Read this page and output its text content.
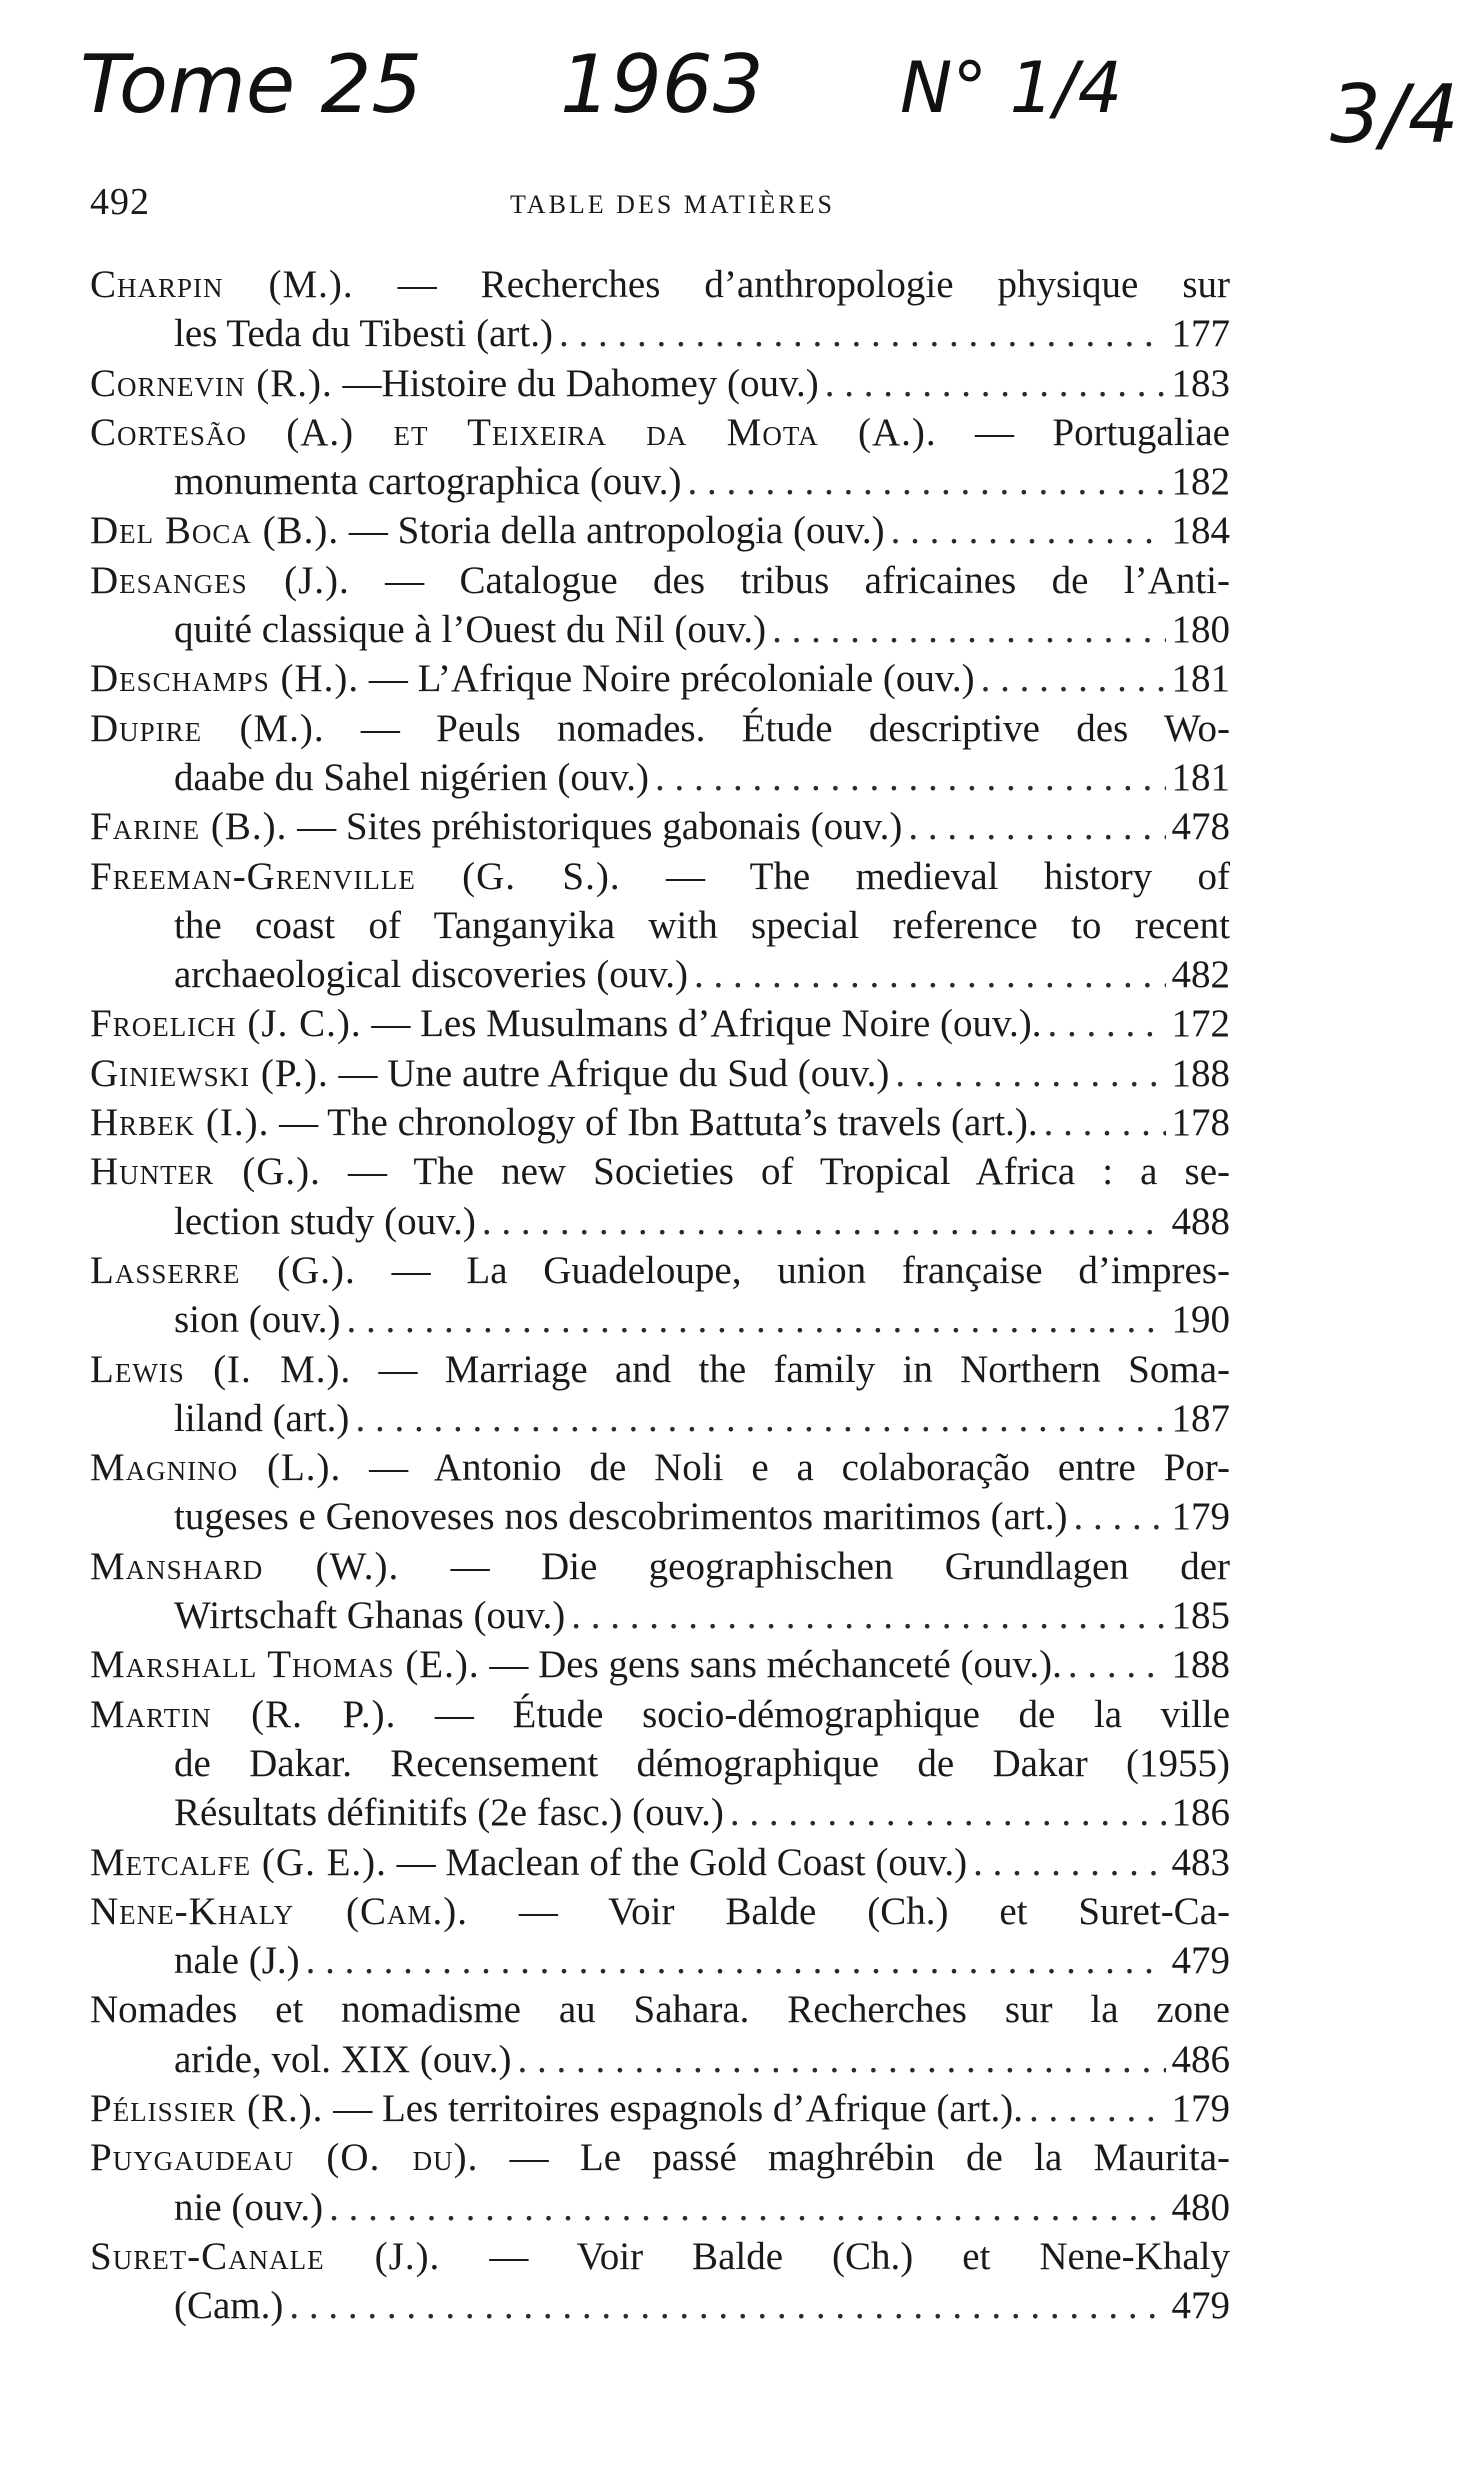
Tome 25 1963 N° 1/4	3/4
492	TABLE DES MATIÈRES
Charpin (M.). — Recherches d’anthropologie physique sur
les Teda du Tibesti (art.) . . .	177
Cornevin (R.). —Histoire du Dahomey (ouv.) . . .	183
Cortesão (A.) et Teixeira da Mota (A.). — Portugaliae
monumenta cartographica (ouv.) . . .	182
Del Boca (B.). — Storia della antropologia (ouv.) . . .	184
Desanges (J.). — Catalogue des tribus africaines de l’Anti-
quité classique à l’Ouest du Nil (ouv.) . . .	180
Deschamps (H.). — L’Afrique Noire précoloniale (ouv.) . . .	181
Dupire (M.). — Peuls nomades. Étude descriptive des Wo-
daabe du Sahel nigérien (ouv.) . . .	181
Farine (B.). — Sites préhistoriques gabonais (ouv.) . . .	478
Freeman-Grenville (G. S.). — The medieval history of
the coast of Tanganyika with special reference to recent
archaeological discoveries (ouv.) . . .	482
Froelich (J. C.). — Les Musulmans d’Afrique Noire (ouv.). . . .	172
Giniewski (P.). — Une autre Afrique du Sud (ouv.) . . .	188
Hrbek (I.). — The chronology of Ibn Battuta’s travels (art.). . . .	178
Hunter (G.). — The new Societies of Tropical Africa : a se-
lection study (ouv.) . . .	488
Lasserre (G.). — La Guadeloupe, union française d’impres-
sion (ouv.) . . .	190
Lewis (I. M.). — Marriage and the family in Northern Soma-
liland (art.) . . .	187
Magnino (L.). — Antonio de Noli e a colaboração entre Por-
tugeses e Genoveses nos descobrimentos maritimos (art.) . . .	179
Manshard (W.). — Die geographischen Grundlagen der
Wirtschaft Ghanas (ouv.) . . .	185
Marshall Thomas (E.). — Des gens sans méchanceté (ouv.). . . .	188
Martin (R. P.). — Étude socio-démographique de la ville
de Dakar. Recensement démographique de Dakar (1955)
Résultats définitifs (2e fasc.) (ouv.) . . .	186
Metcalfe (G. E.). — Maclean of the Gold Coast (ouv.) . . .	483
Nene-Khaly (Cam.). — Voir Balde (Ch.) et Suret-Ca-
nale (J.) . . .	479
Nomades et nomadisme au Sahara. Recherches sur la zone
aride, vol. XIX (ouv.) . . .	486
Pélissier (R.). — Les territoires espagnols d’Afrique (art.). . . .	179
Puygaudeau (O. du). — Le passé maghrébin de la Maurita-
nie (ouv.) . . .	480
Suret-Canale (J.). — Voir Balde (Ch.) et Nene-Khaly
(Cam.) . . .	479
